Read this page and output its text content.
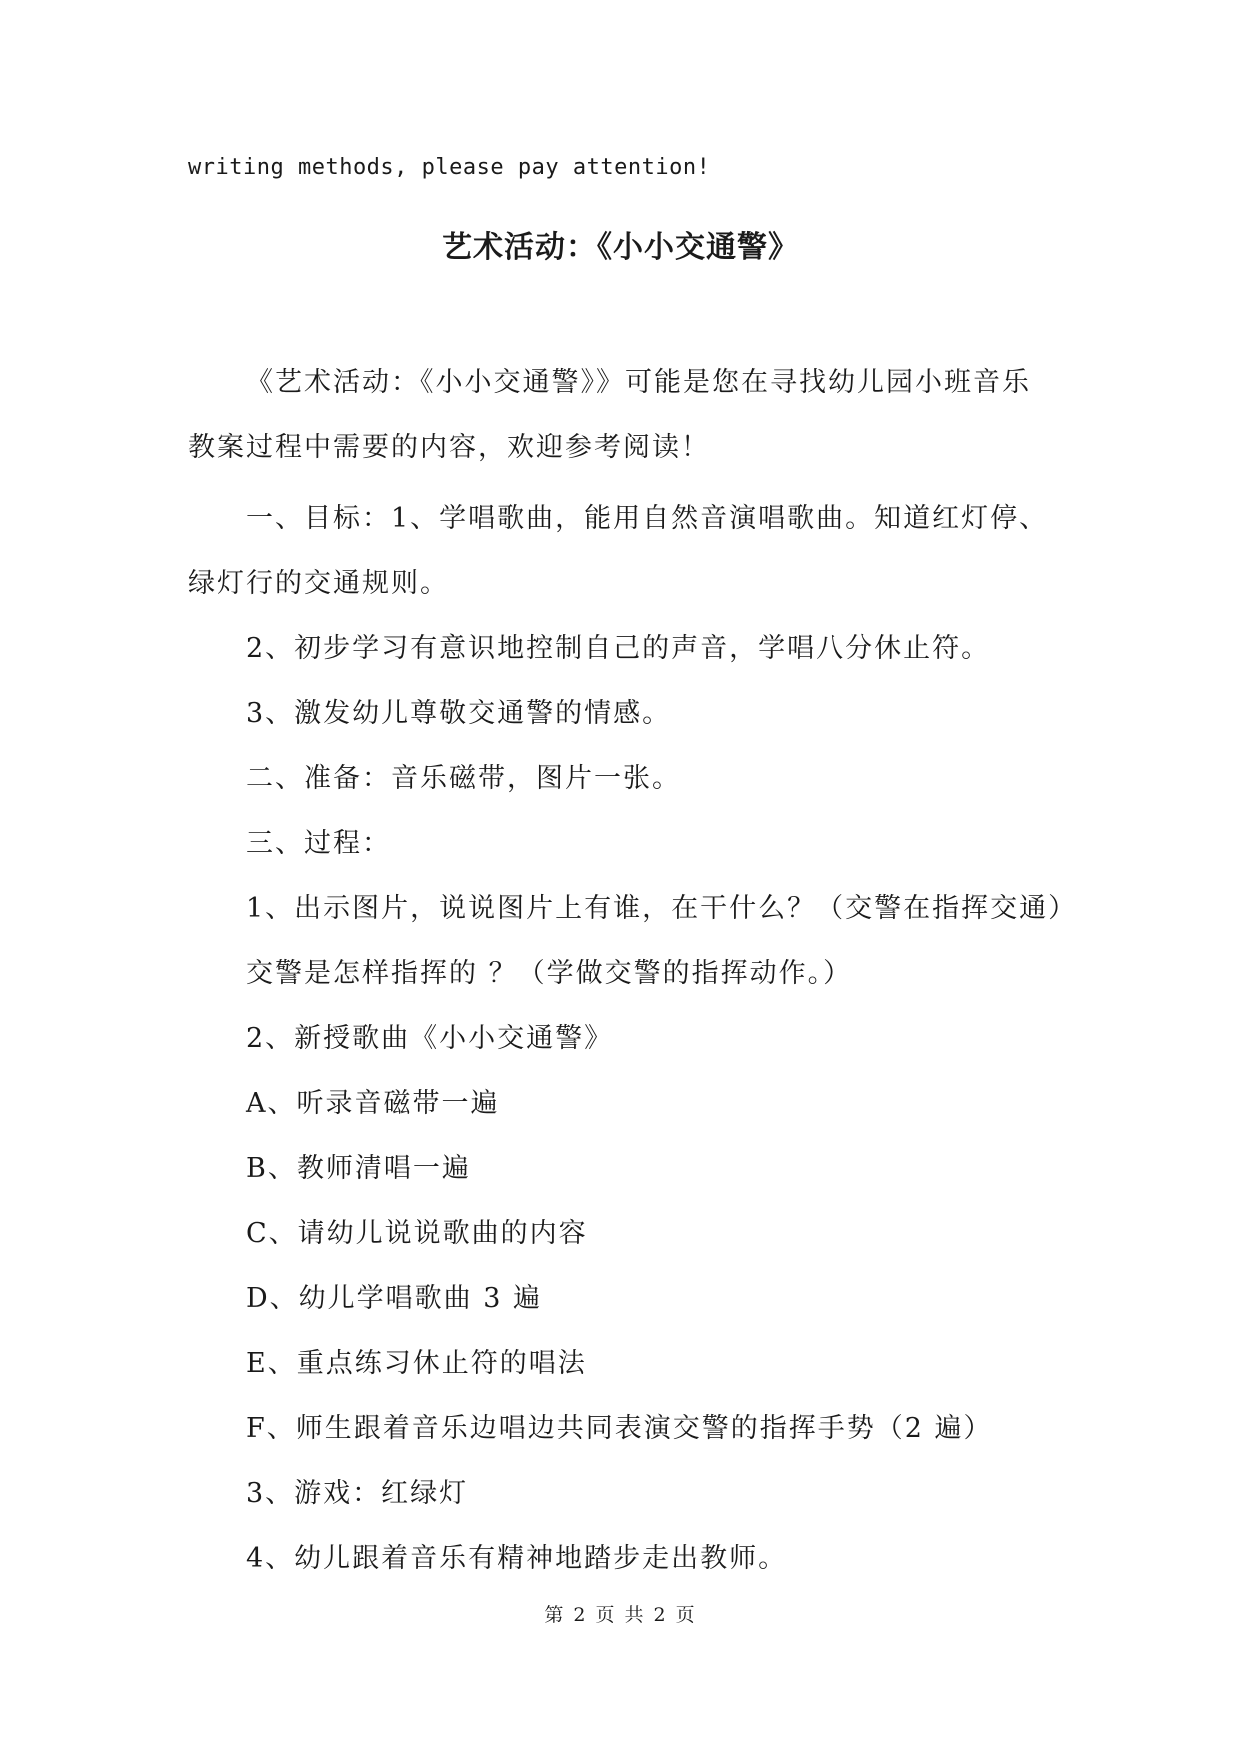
writing methods, please pay attention!
艺术活动：《小小交通警》

《艺术活动：《小小交通警》》可能是您在寻找幼儿园小班音乐教案过程中需要的内容，欢迎参考阅读！

一、目标：1、学唱歌曲，能用自然音演唱歌曲。知道红灯停、

绿灯行的交通规则。

2、初步学习有意识地控制自己的声音，学唱八分休止符。

3、激发幼儿尊敬交通警的情感。

二、准备：音乐磁带，图片一张。

三、过程：

1、出示图片，说说图片上有谁，在干什么？（交警在指挥交通）

交警是怎样指挥的 ？（学做交警的指挥动作。）

2、新授歌曲《小小交通警》

A、听录音磁带一遍

B、教师清唱一遍

C、请幼儿说说歌曲的内容

D、幼儿学唱歌曲 3 遍

E、重点练习休止符的唱法

F、师生跟着音乐边唱边共同表演交警的指挥手势（2 遍）

3、游戏：红绿灯

4、幼儿跟着音乐有精神地踏步走出教师。

第 2 页 共 2 页
